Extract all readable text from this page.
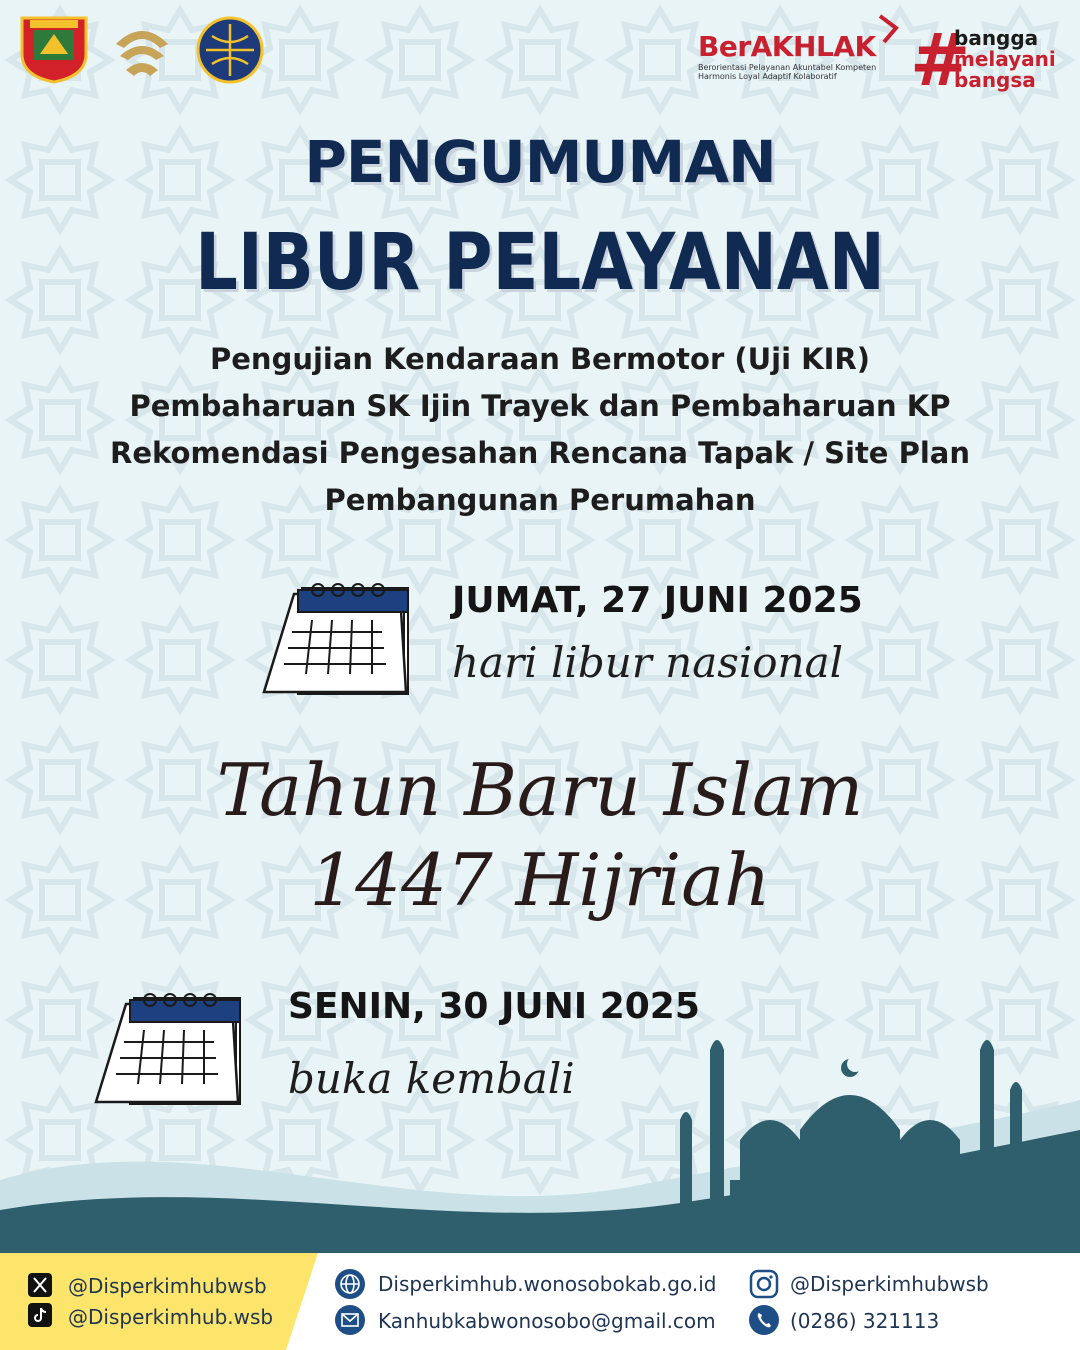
BerAKHLAK
Berorientasi Pelayanan Akuntabel Kompeten
Harmonis Loyal Adaptif Kolaboratif	#
bangga
melayani
bangsa
PENGUMUMAN
LIBUR PELAYANAN
Pengujian Kendaraan Bermotor (Uji KIR)
Pembaharuan SK Ijin Trayek dan Pembaharuan KP
Rekomendasi Pengesahan Rencana Tapak / Site Plan
Pembangunan Perumahan
JUMAT, 27 JUNI 2025
hari libur nasional
Tahun Baru Islam
1447 Hijriah
SENIN, 30 JUNI 2025
buka kembali
@Disperkimhubwsb
@Disperkimhub.wsb
Disperkimhub.wonosobokab.go.id
Kanhubkabwonosobo@gmail.com
@Disperkimhubwsb
(0286) 321113
